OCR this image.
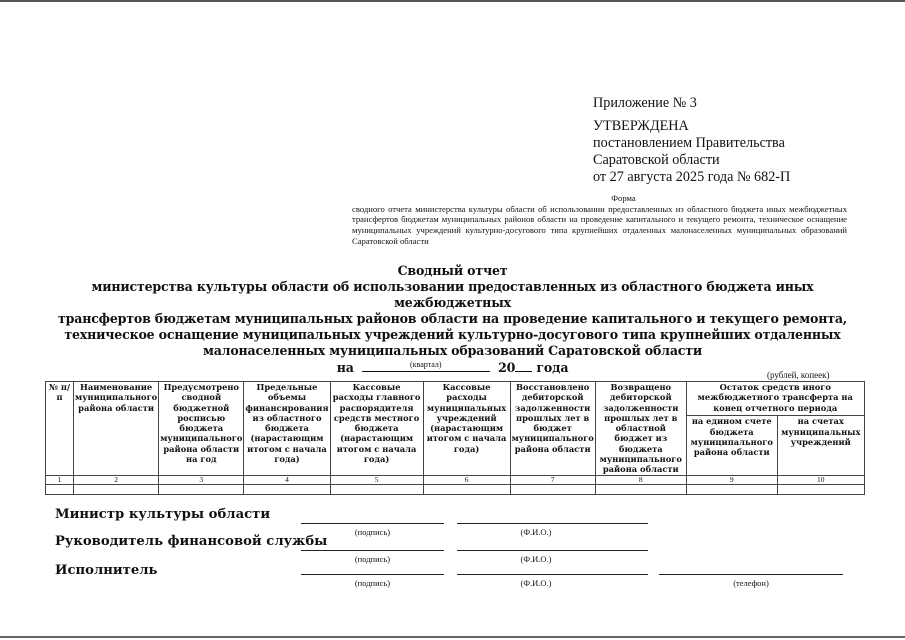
Приложение № 3
УТВЕРЖДЕНА
постановлением Правительства
Саратовской области
от 27 августа 2025 года № 682-П
Форма
сводного отчета министерства культуры области об использовании предоставленных из областного бюджета иных межбюджетных трансфертов бюджетам муниципальных районов области на проведение капитального и текущего ремонта, техническое оснащение муниципальных учреждений культурно-досугового типа крупнейших отдаленных малонаселенных муниципальных образований Саратовской области
Сводный отчет
министерства культуры области об использовании предоставленных из областного бюджета иных межбюджетных
трансфертов бюджетам муниципальных районов области на проведение капитального и текущего ремонта,
техническое оснащение муниципальных учреждений культурно-досугового типа крупнейших отдаленных
малонаселенных муниципальных образований Саратовской области
на	20 года
(квартал)
(рублей, копеек)
№ п/п	Наименование муниципального района области	Предусмотрено сводной бюджетной росписью бюджета муниципального района области на год	Предельные объемы финансирования из областного бюджета (нарастающим итогом с начала года)	Кассовые расходы главного распорядителя средств местного бюджета (нарастающим итогом с начала года)	Кассовые расходы муниципальных учреждений (нарастающим итогом с начала года)	Восстановлено дебиторской задолженности прошлых лет в бюджет муниципального района области	Возвращено дебиторской задолженности прошлых лет в областной бюджет из бюджета муниципального района области	Остаток средств иного межбюджетного трансферта на конец отчетного периода	
								на едином счете бюджета муниципального района области	на счетах муниципальных учреждений
1	2	3	4	5	6	7	8	9	10

Министр культуры области
(подпись)	(Ф.И.О.)
Руководитель финансовой службы
(подпись)	(Ф.И.О.)
Исполнитель
(подпись)	(Ф.И.О.)	(телефон)
